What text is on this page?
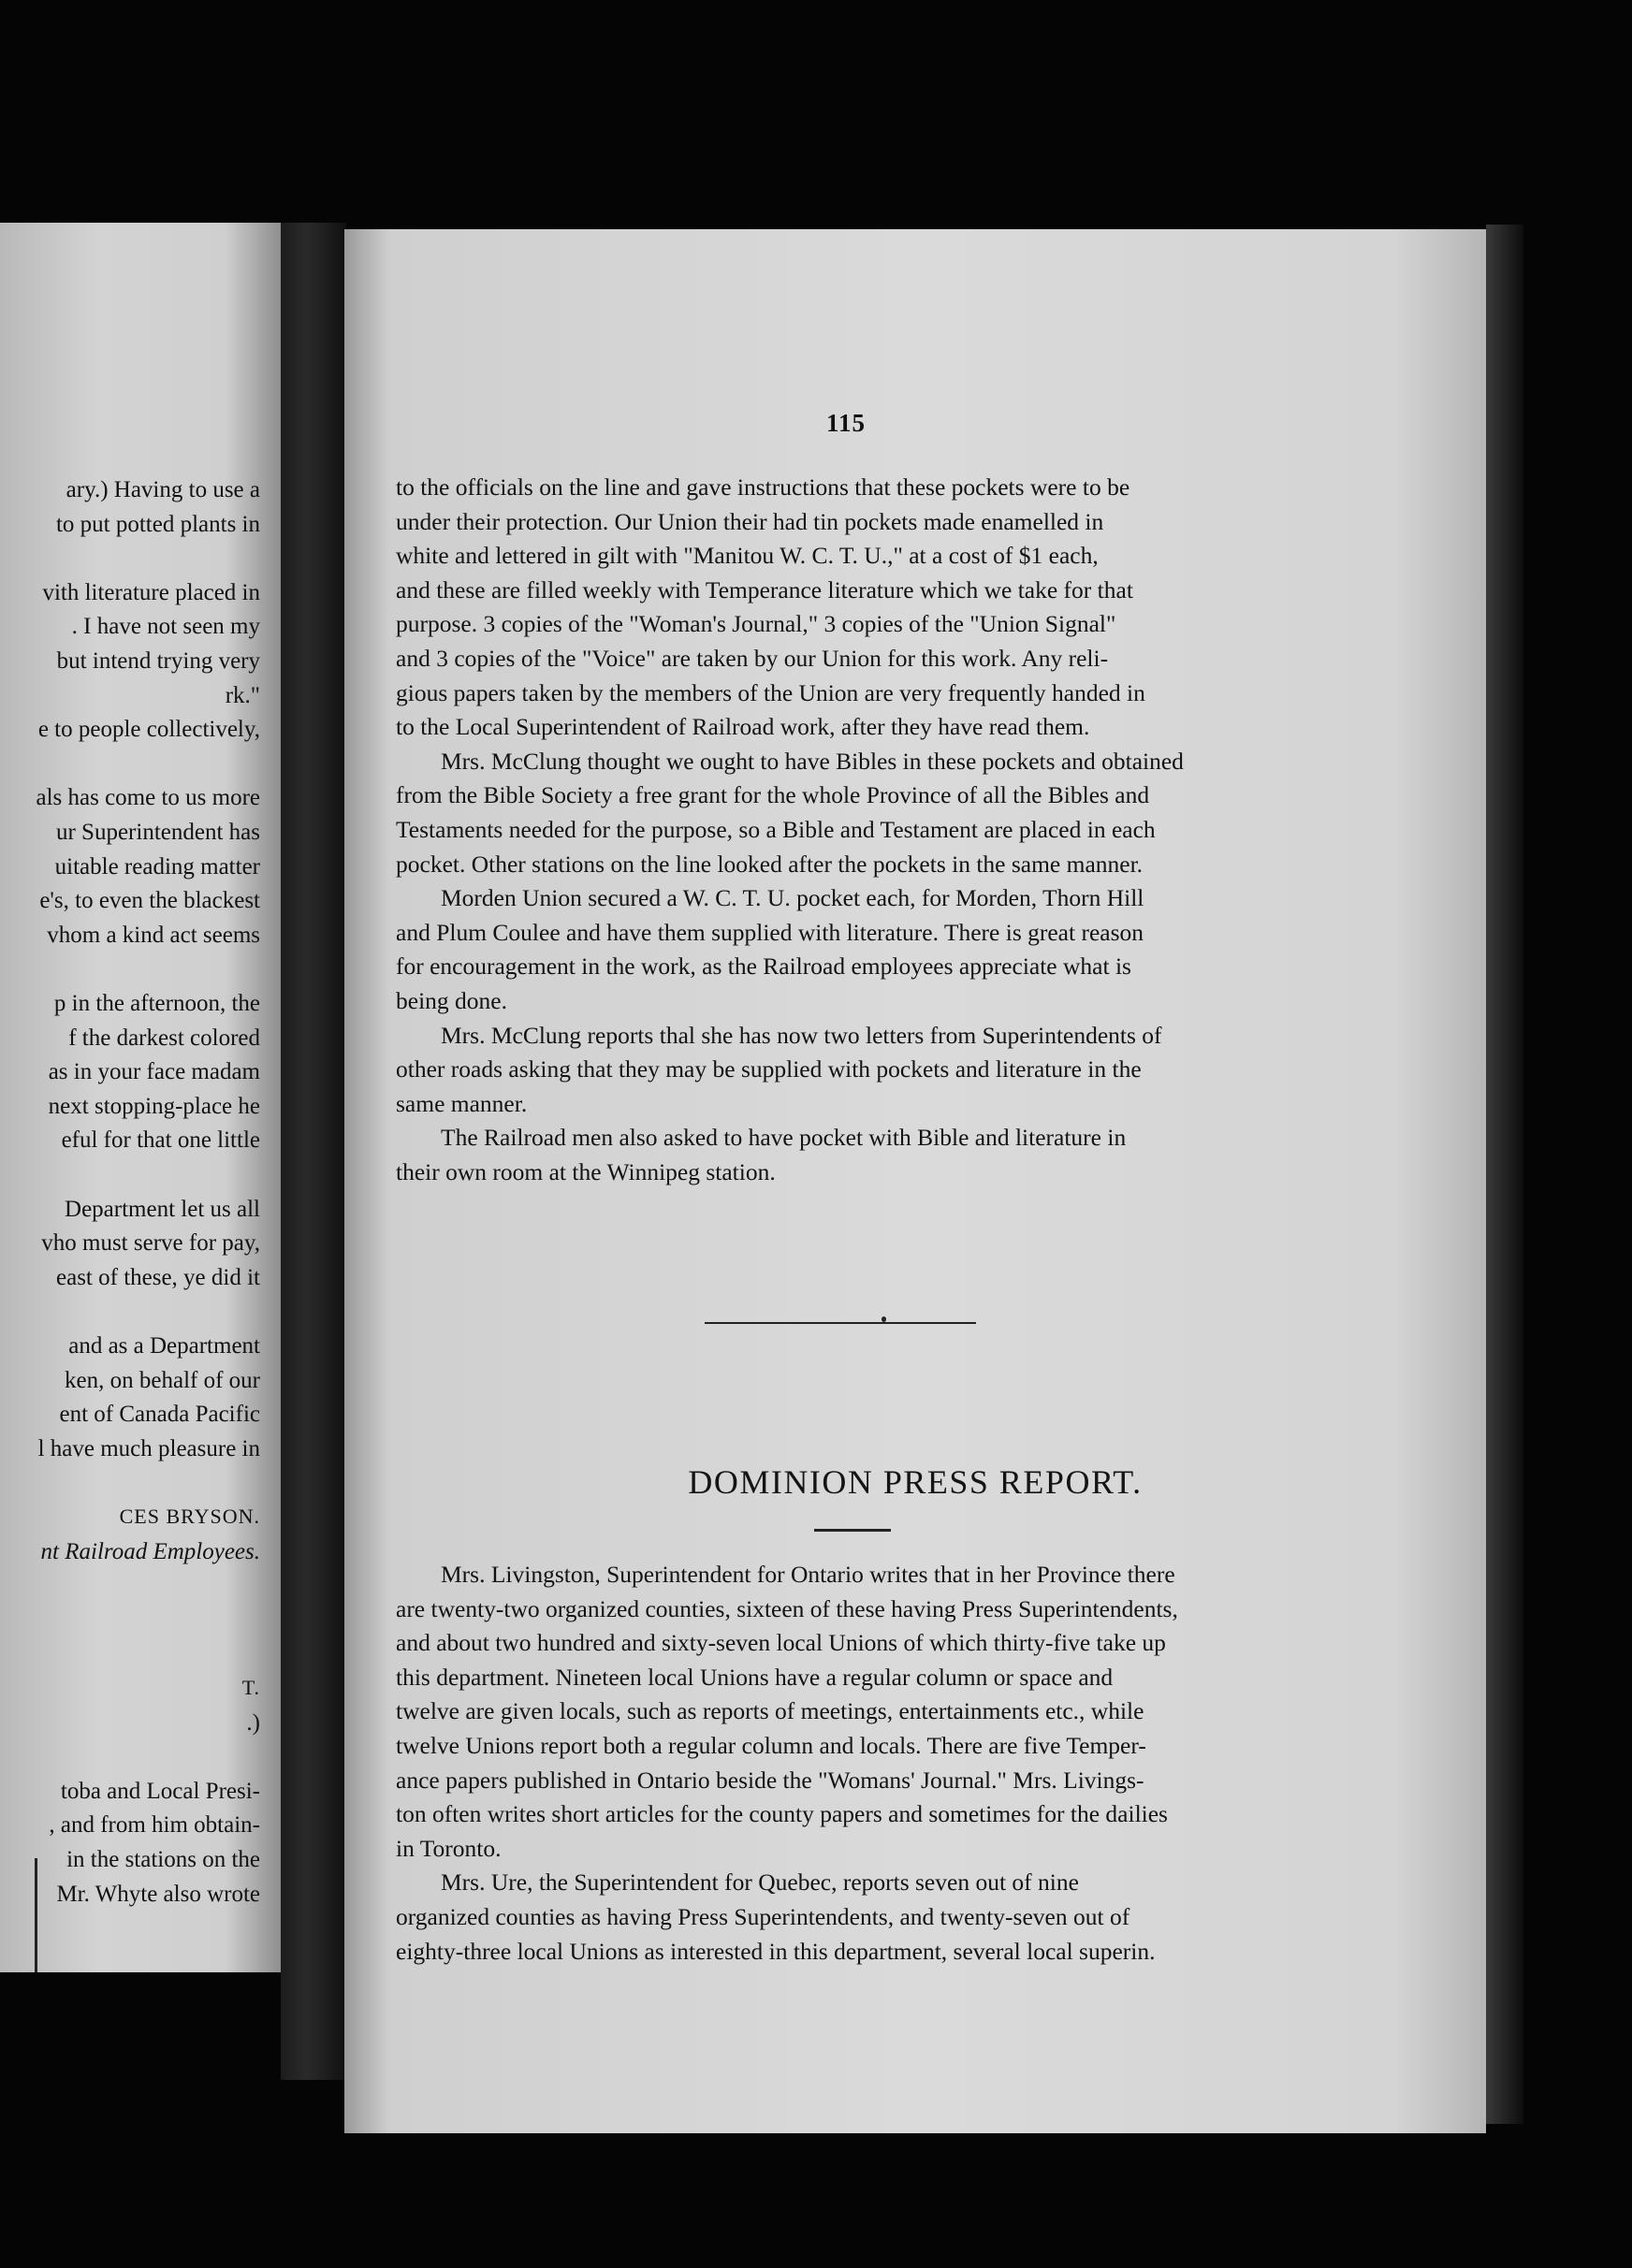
ary.) Having to use a
to put potted plants in
vith literature placed in
. I have not seen my
but intend trying very
rk."
e to people collectively,
als has come to us more
ur Superintendent has
uitable reading matter
e's, to even the blackest
vhom a kind act seems
p in the afternoon, the
f the darkest colored
as in your face madam
next stopping-place he
eful for that one little
Department let us all
vho must serve for pay,
east of these, ye did it
and as a Department
ken, on behalf of our
ent of Canada Pacific
l have much pleasure in
CES BRYSON.
nt Railroad Employees.
T.
.)
toba and Local Presi-
, and from him obtain-
in the stations on the
Mr. Whyte also wrote
115
to the officials on the line and gave instructions that these pockets were to be
under their protection. Our Union their had tin pockets made enamelled in
white and lettered in gilt with "Manitou W. C. T. U.," at a cost of $1 each,
and these are filled weekly with Temperance literature which we take for that
purpose. 3 copies of the "Woman's Journal," 3 copies of the "Union Signal"
and 3 copies of the "Voice" are taken by our Union for this work. Any reli-
gious papers taken by the members of the Union are very frequently handed in
to the Local Superintendent of Railroad work, after they have read them.
Mrs. McClung thought we ought to have Bibles in these pockets and obtained
from the Bible Society a free grant for the whole Province of all the Bibles and
Testaments needed for the purpose, so a Bible and Testament are placed in each
pocket. Other stations on the line looked after the pockets in the same manner.
Morden Union secured a W. C. T. U. pocket each, for Morden, Thorn Hill
and Plum Coulee and have them supplied with literature. There is great reason
for encouragement in the work, as the Railroad employees appreciate what is
being done.
Mrs. McClung reports thal she has now two letters from Superintendents of
other roads asking that they may be supplied with pockets and literature in the
same manner.
The Railroad men also asked to have pocket with Bible and literature in
their own room at the Winnipeg station.
DOMINION PRESS REPORT.
Mrs. Livingston, Superintendent for Ontario writes that in her Province there
are twenty-two organized counties, sixteen of these having Press Superintendents,
and about two hundred and sixty-seven local Unions of which thirty-five take up
this department. Nineteen local Unions have a regular column or space and
twelve are given locals, such as reports of meetings, entertainments etc., while
twelve Unions report both a regular column and locals. There are five Temper-
ance papers published in Ontario beside the "Womans' Journal." Mrs. Livings-
ton often writes short articles for the county papers and sometimes for the dailies
in Toronto.
Mrs. Ure, the Superintendent for Quebec, reports seven out of nine
organized counties as having Press Superintendents, and twenty-seven out of
eighty-three local Unions as interested in this department, several local superin.
